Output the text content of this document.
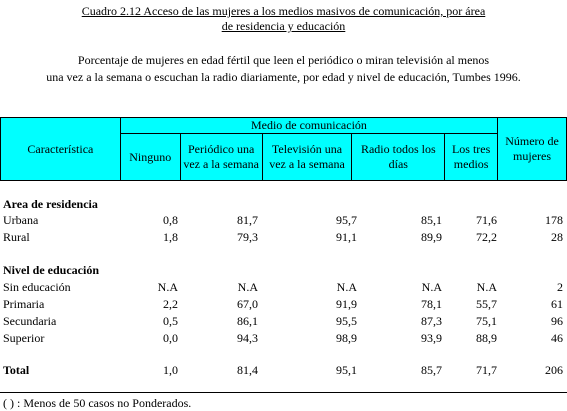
Cuadro 2.12 Acceso de las mujeres a los medios masivos de comunicación, por área
de residencia y educación
Porcentaje de mujeres en edad fértil que leen el periódico o miran televisión al menos
una vez a la semana o escuchan la radio diariamente, por edad y nivel de educación, Tumbes 1996.
Característica	Medio de comunicación					Número de mujeres
	Ninguno	Periódico una vez a la semana	Televisión una vez a la semana	Radio todos los días	Los tres medios	
Area de residencia
Urbana	0,8	81,7	95,7	85,1	71,6	178
Rural	1,8	79,3	91,1	89,9	72,2	28
Nivel de educación
Sin educación	N.A	N.A	N.A	N.A	N.A	2
Primaria	2,2	67,0	91,9	78,1	55,7	61
Secundaria	0,5	86,1	95,5	87,3	75,1	96
Superior	0,0	94,3	98,9	93,9	88,9	46
Total	1,0	81,4	95,1	85,7	71,7	206
( ) : Menos de 50 casos no Ponderados.
